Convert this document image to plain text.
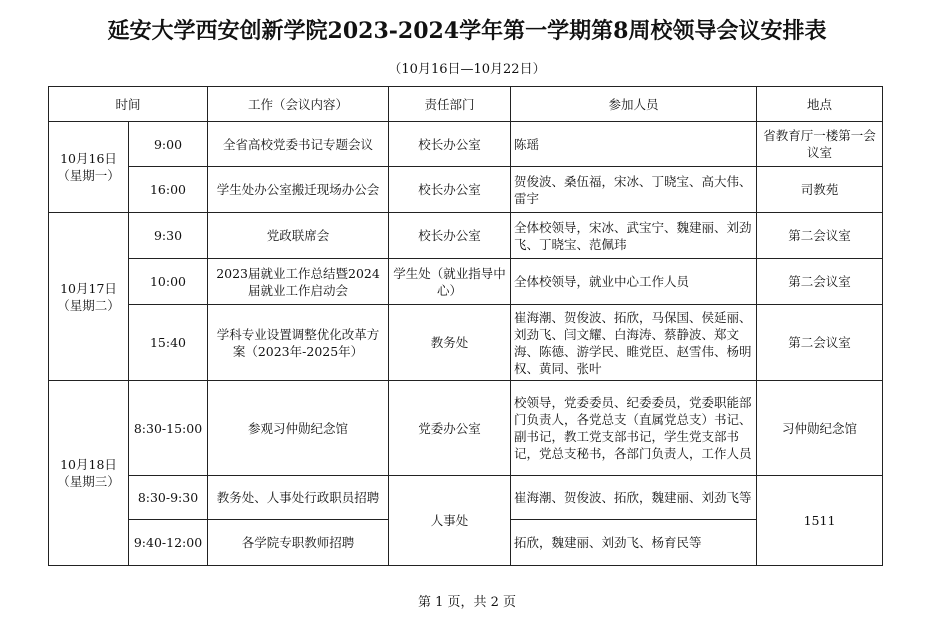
延安大学西安创新学院2023-2024学年第一学期第8周校领导会议安排表
（10月16日—10月22日）
时间		工作（会议内容）	责任部门	参加人员	地点

10月16日
（星期一）	9:00	全省高校党委书记专题会议	校长办公室	陈瑶	省教育厅一楼第一会议室
	16:00	学生处办公室搬迁现场办公会	校长办公室	贺俊波、桑伍福，宋冰、丁晓宝、高大伟、雷宇	司教苑

10月17日
（星期二）	9:30	党政联席会	校长办公室	全体校领导，宋冰、武宝宁、魏建丽、刘劲飞、丁晓宝、范佩玮	第二会议室
	10:00	2023届就业工作总结暨2024届就业工作启动会	学生处（就业指导中心）	全体校领导，就业中心工作人员	第二会议室
	15:40	学科专业设置调整优化改革方案（2023年-2025年）	教务处	崔海潮、贺俊波、拓欣，马保国、侯延丽、刘劲飞、闫文耀、白海涛、蔡静波、郑文海、陈德、游学民、睢党臣、赵雪伟、杨明权、黄同、张叶	第二会议室

10月18日
（星期三）	8:30-15:00	参观习仲勋纪念馆	党委办公室	校领导，党委委员、纪委委员，党委职能部门负责人，各党总支（直属党总支）书记、副书记，教工党支部书记，学生党支部书记，党总支秘书，各部门负责人，工作人员	习仲勋纪念馆
	8:30-9:30	教务处、人事处行政职员招聘	人事处	崔海潮、贺俊波、拓欣，魏建丽、刘劲飞等	1511
	9:40-12:00	各学院专职教师招聘		拓欣，魏建丽、刘劲飞、杨育民等	
第 1 页，共 2 页
